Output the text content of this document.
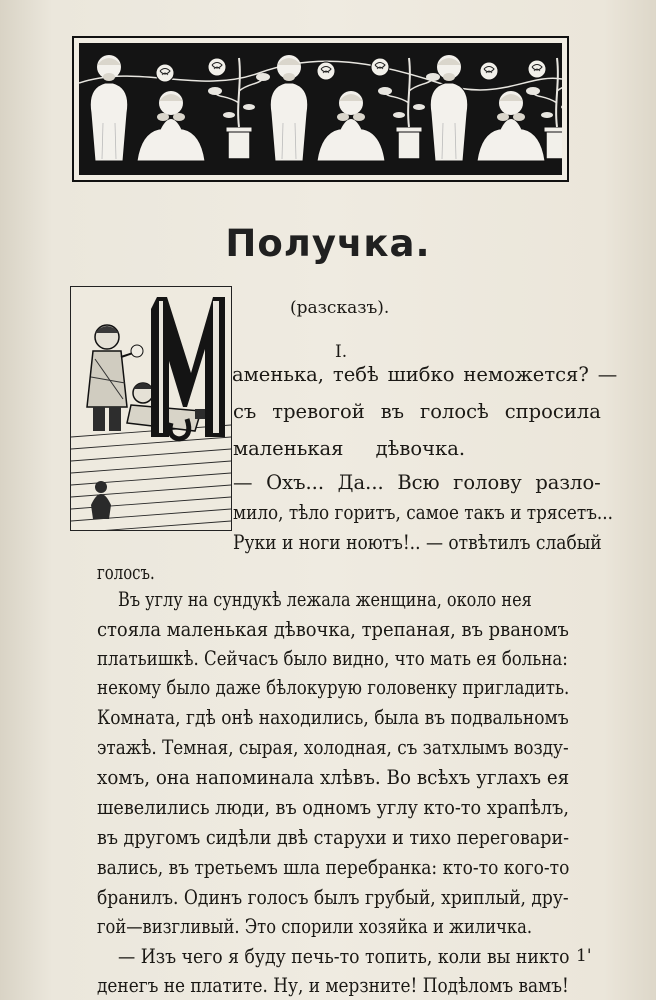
Получка.
(разсказъ).
I.
аменька, тебѣ шибко неможется? —
съ тревогой въ голосѣ спросила
маленькая дѣвочка.
— Охъ... Да... Всю голову разло-
мило, тѣло горитъ, самое такъ и трясетъ...
Руки и ноги ноютъ!.. — отвѣтилъ слабый
голосъ.
Въ углу на сундукѣ лежала женщина, около нея
стояла маленькая дѣвочка, трепаная, въ рваномъ
платьишкѣ. Сейчасъ было видно, что мать ея больна:
некому было даже бѣлокурую головенку пригладить.
Комната, гдѣ онѣ находились, была въ подвальномъ
этажѣ. Темная, сырая, холодная, съ затхлымъ возду-
хомъ, она напоминала хлѣвъ. Во всѣхъ углахъ ея
шевелились люди, въ одномъ углу кто-то храпѣлъ,
въ другомъ сидѣли двѣ старухи и тихо переговари-
вались, въ третьемъ шла перебранка: кто-то кого-то
бранилъ. Одинъ голосъ былъ грубый, хриплый, дру-
гой—визгливый. Это спорили хозяйка и жиличка.
— Изъ чего я буду печь-то топить, коли вы никто
денегъ не платите. Ну, и мерзните! Подѣломъ вамъ!
1'
